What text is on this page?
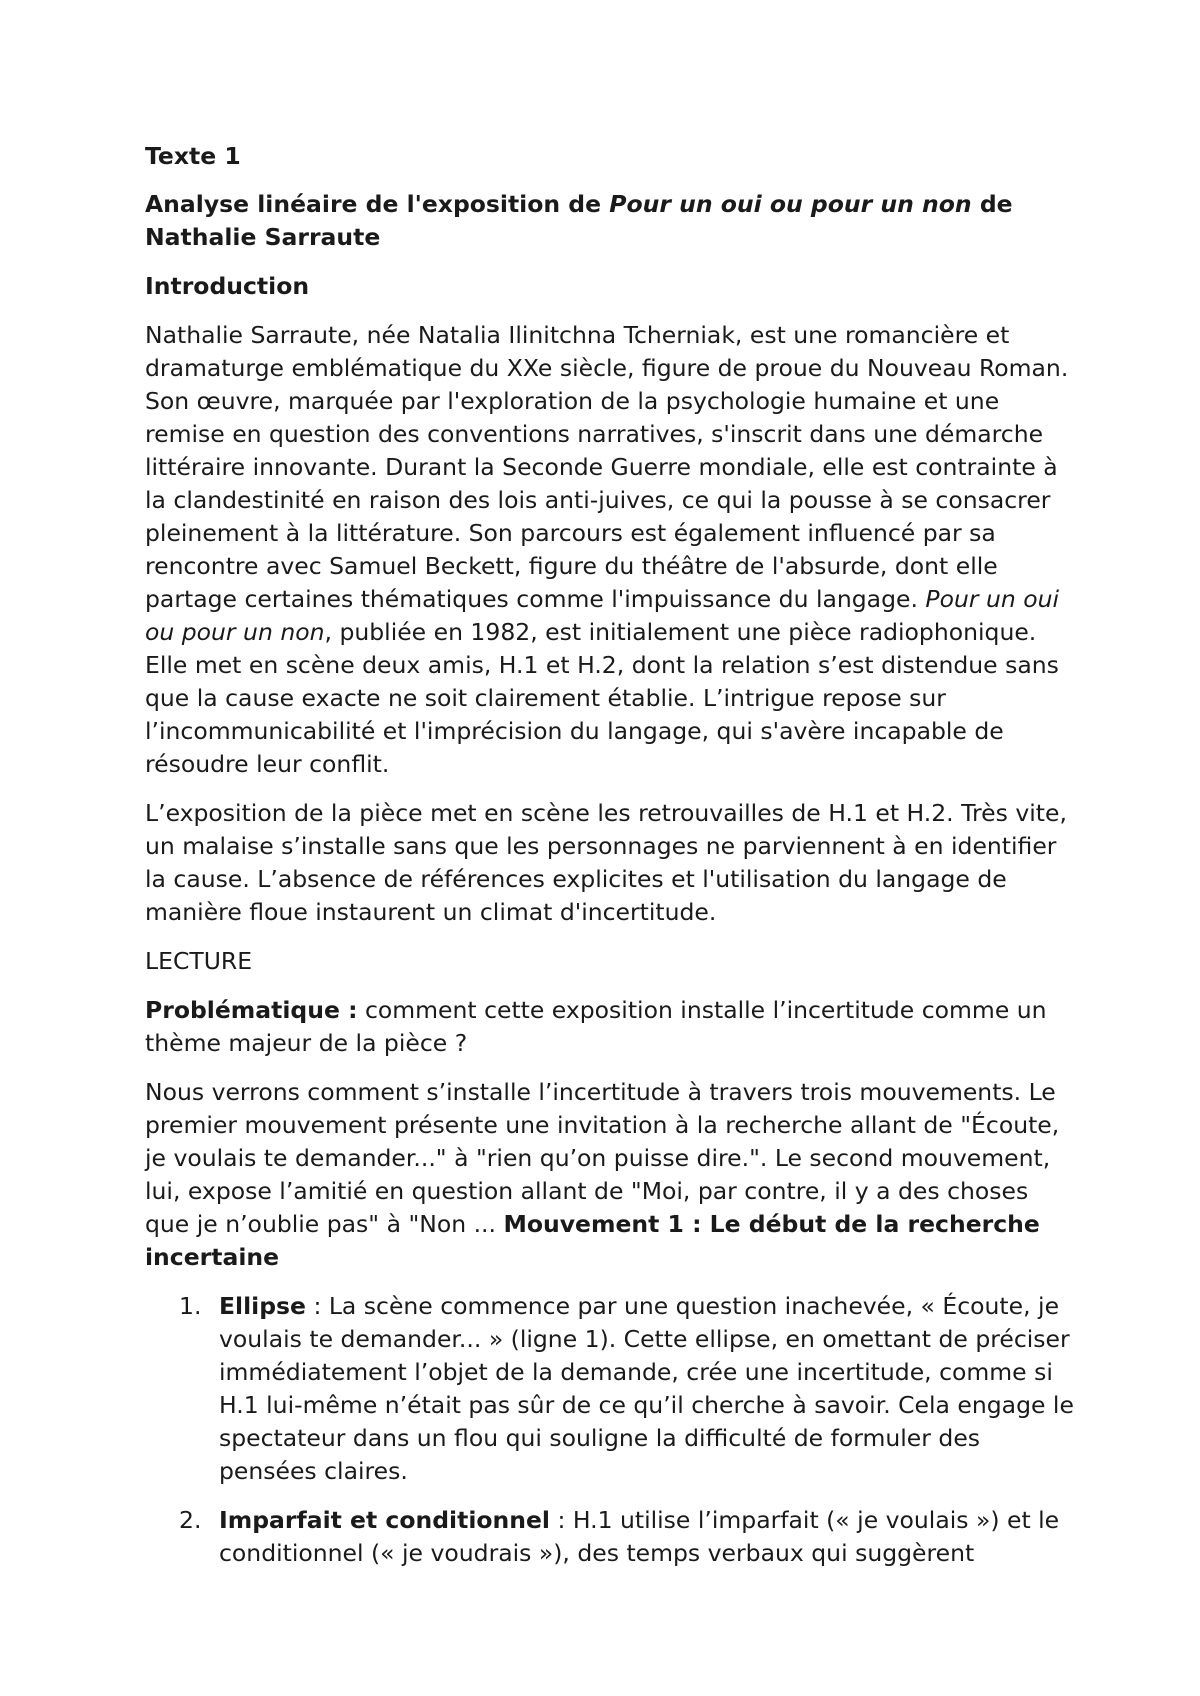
Texte 1

Analyse linéaire de l'exposition de Pour un oui ou pour un non de Nathalie Sarraute

Introduction

Nathalie Sarraute, née Natalia Ilinitchna Tcherniak, est une romancière et dramaturge emblématique du XXe siècle, figure de proue du Nouveau Roman. Son œuvre, marquée par l'exploration de la psychologie humaine et une remise en question des conventions narratives, s'inscrit dans une démarche littéraire innovante. Durant la Seconde Guerre mondiale, elle est contrainte à la clandestinité en raison des lois anti-juives, ce qui la pousse à se consacrer pleinement à la littérature. Son parcours est également influencé par sa rencontre avec Samuel Beckett, figure du théâtre de l'absurde, dont elle partage certaines thématiques comme l'impuissance du langage. Pour un oui ou pour un non, publiée en 1982, est initialement une pièce radiophonique. Elle met en scène deux amis, H.1 et H.2, dont la relation s’est distendue sans que la cause exacte ne soit clairement établie. L’intrigue repose sur l’incommunicabilité et l'imprécision du langage, qui s'avère incapable de résoudre leur conflit.

L’exposition de la pièce met en scène les retrouvailles de H.1 et H.2. Très vite, un malaise s’installe sans que les personnages ne parviennent à en identifier la cause. L’absence de références explicites et l'utilisation du langage de manière floue instaurent un climat d'incertitude.

LECTURE

Problématique : comment cette exposition installe l’incertitude comme un thème majeur de la pièce ?

Nous verrons comment s’installe l’incertitude à travers trois mouvements. Le premier mouvement présente une invitation à la recherche allant de "Écoute, je voulais te demander..." à "rien qu’on puisse dire.". Le second mouvement, lui, expose l’amitié en question allant de "Moi, par contre, il y a des choses que je n’oublie pas" à "Non ... Mouvement 1 : Le début de la recherche incertaine

1. Ellipse : La scène commence par une question inachevée, « Écoute, je voulais te demander... » (ligne 1). Cette ellipse, en omettant de préciser immédiatement l’objet de la demande, crée une incertitude, comme si H.1 lui-même n’était pas sûr de ce qu’il cherche à savoir. Cela engage le spectateur dans un flou qui souligne la difficulté de formuler des pensées claires.
2. Imparfait et conditionnel : H.1 utilise l’imparfait (« je voulais ») et le conditionnel (« je voudrais »), des temps verbaux qui suggèrent
